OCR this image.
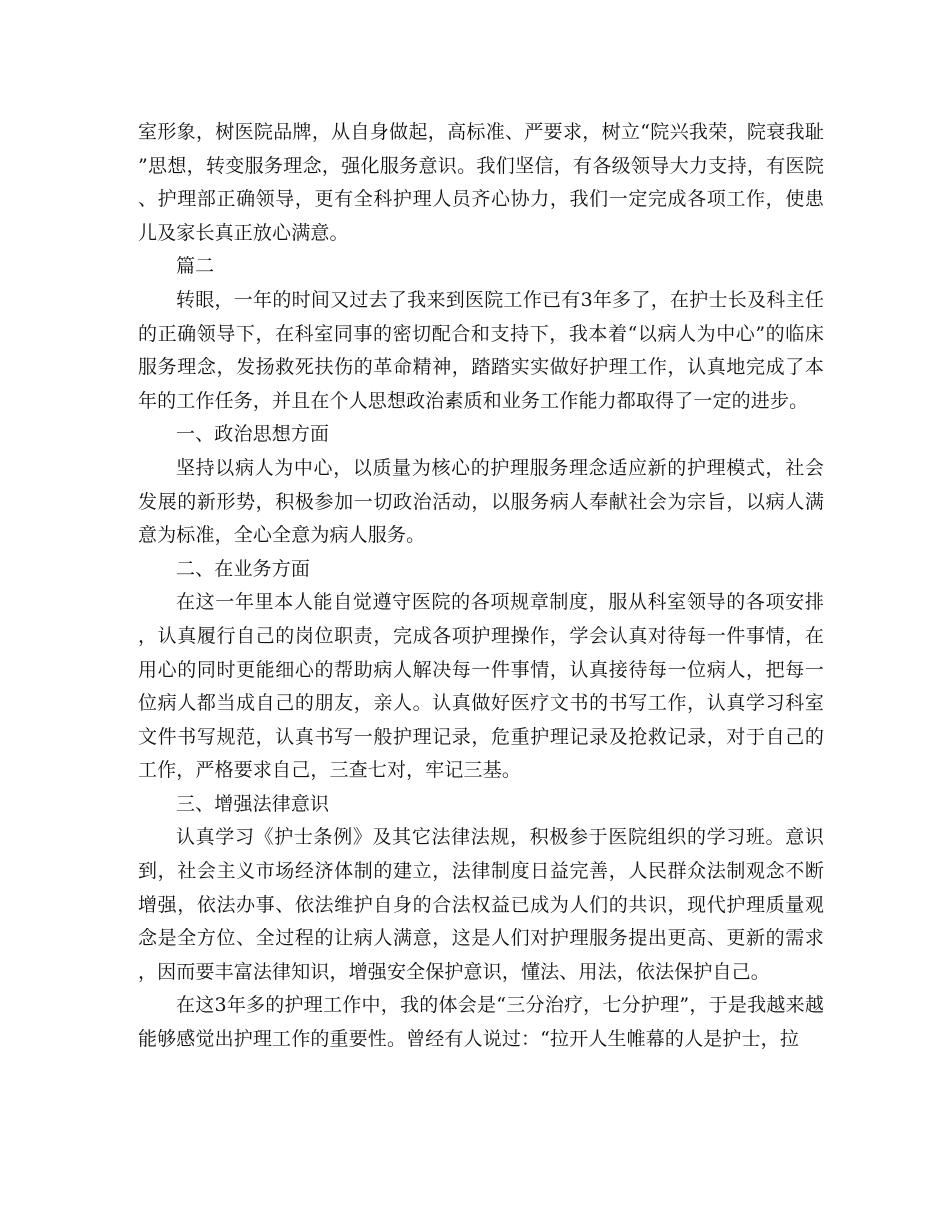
室形象，树医院品牌，从自身做起，高标准、严要求，树立“院兴我荣，院衰我耻”思想，转变服务理念，强化服务意识。我们坚信，有各级领导大力支持，有医院、护理部正确领导，更有全科护理人员齐心协力，我们一定完成各项工作，使患儿及家长真正放心满意。

篇二

转眼，一年的时间又过去了我来到医院工作已有3年多了，在护士长及科主任的正确领导下，在科室同事的密切配合和支持下，我本着“以病人为中心”的临床服务理念，发扬救死扶伤的革命精神，踏踏实实做好护理工作，认真地完成了本年的工作任务，并且在个人思想政治素质和业务工作能力都取得了一定的进步。

一、政治思想方面

坚持以病人为中心，以质量为核心的护理服务理念适应新的护理模式，社会发展的新形势，积极参加一切政治活动，以服务病人奉献社会为宗旨，以病人满意为标准，全心全意为病人服务。

二、在业务方面

在这一年里本人能自觉遵守医院的各项规章制度，服从科室领导的各项安排，认真履行自己的岗位职责，完成各项护理操作，学会认真对待每一件事情，在用心的同时更能细心的帮助病人解决每一件事情，认真接待每一位病人，把每一位病人都当成自己的朋友，亲人。认真做好医疗文书的书写工作，认真学习科室文件书写规范，认真书写一般护理记录，危重护理记录及抢救记录，对于自己的工作，严格要求自己，三查七对，牢记三基。

三、增强法律意识

认真学习《护士条例》及其它法律法规，积极参于医院组织的学习班。意识到，社会主义市场经济体制的建立，法律制度日益完善，人民群众法制观念不断增强，依法办事、依法维护自身的合法权益已成为人们的共识，现代护理质量观念是全方位、全过程的让病人满意，这是人们对护理服务提出更高、更新的需求，因而要丰富法律知识，增强安全保护意识，懂法、用法，依法保护自己。

在这3年多的护理工作中，我的体会是“三分治疗，七分护理”，于是我越来越能够感觉出护理工作的重要性。曾经有人说过：“拉开人生帷幕的人是护士，拉
